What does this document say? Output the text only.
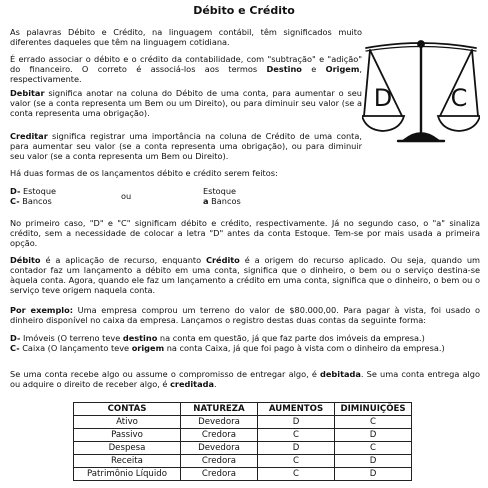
Débito e Crédito
As palavras Débito e Crédito, na linguagem contábil, têm significados muito diferentes daqueles que têm na linguagem cotidiana.
É errado associar o débito e o crédito da contabilidade, com "subtração" e "adição" do financeiro. O correto é associá-los aos termos Destino e Origem, respectivamente.
Debitar significa anotar na coluna do Débito de uma conta, para aumentar o seu valor (se a conta representa um Bem ou um Direito), ou para diminuir seu valor (se a conta representa uma obrigação).
Creditar significa registrar uma importância na coluna de Crédito de uma conta, para aumentar seu valor (se a conta representa uma obrigação), ou para diminuir seu valor (se a conta representa um Bem ou Direito).
D C
Há duas formas de os lançamentos débito e crédito serem feitos:
D- Estoque
C- Bancos	ou	Estoque
a Bancos
No primeiro caso, "D" e "C" significam débito e crédito, respectivamente. Já no segundo caso, o "a" sinaliza crédito, sem a necessidade de colocar a letra "D" antes da conta Estoque. Tem-se por mais usada a primeira opção.
Débito é a aplicação de recurso, enquanto Crédito é a origem do recurso aplicado. Ou seja, quando um contador faz um lançamento a débito em uma conta, significa que o dinheiro, o bem ou o serviço destina-se àquela conta. Agora, quando ele faz um lançamento a crédito em uma conta, significa que o dinheiro, o bem ou o serviço teve origem naquela conta.
Por exemplo: Uma empresa comprou um terreno do valor de $80.000,00. Para pagar à vista, foi usado o dinheiro disponível no caixa da empresa. Lançamos o registro destas duas contas da seguinte forma:
D- Imóveis (O terreno teve destino na conta em questão, já que faz parte dos imóveis da empresa.)
C- Caixa (O lançamento teve origem na conta Caixa, já que foi pago à vista com o dinheiro da empresa.)
Se uma conta recebe algo ou assume o compromisso de entregar algo, é debitada. Se uma conta entrega algo ou adquire o direito de receber algo, é creditada.
CONTAS	NATUREZA	AUMENTOS	DIMINUIÇÕES
Ativo	Devedora	D	C
Passivo	Credora	C	D
Despesa	Devedora	D	C
Receita	Credora	C	D
Patrimônio Líquido	Credora	C	D
